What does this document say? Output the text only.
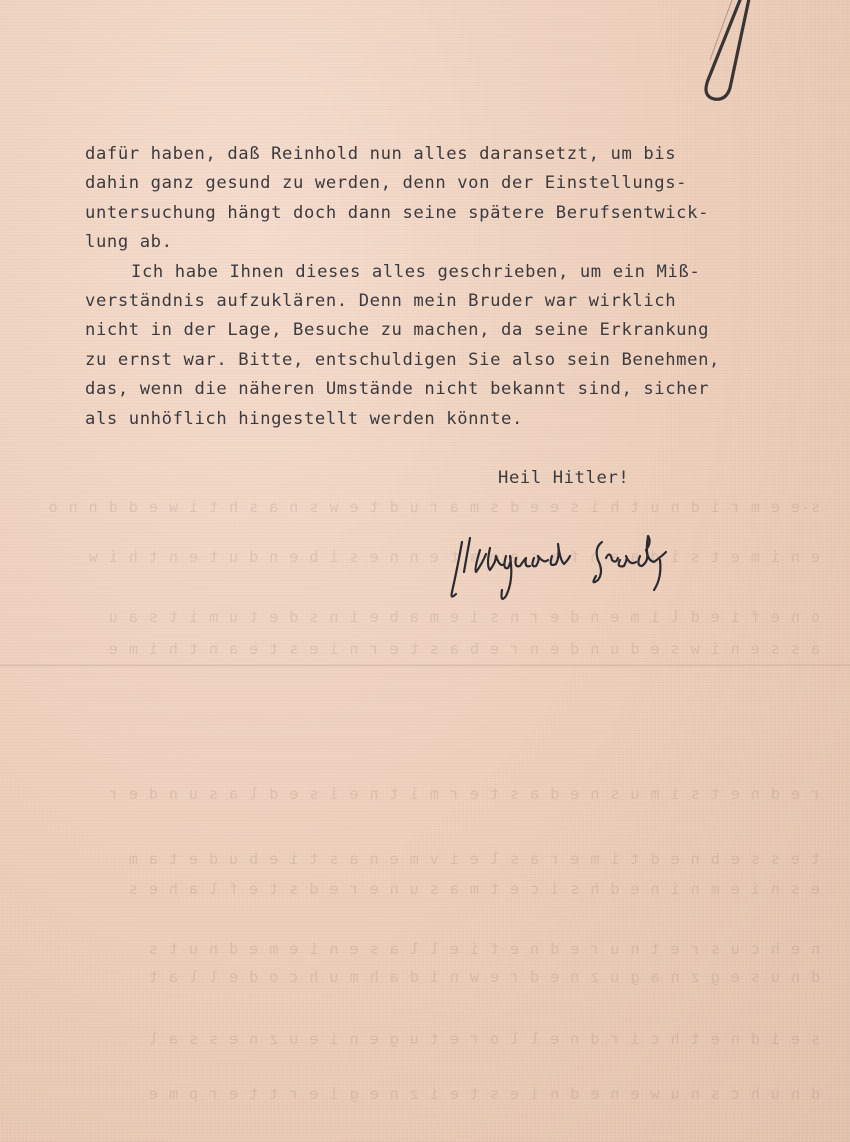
s-e e m r i d n u t h i s e e d s m a r u d t e w s n a s h t i w e d d n n o
e n i m e t s i d a e n f a s e m a t e n n e s i b e n d u t e n t h i w
o n e f i e d l i m e n d e r n s i e m a b e i n s d e t u m i t s a u
a s s e n i w s e d u n d e n r e b a s t e r n i e s t e a n t h i m e
r e d n e t s i m u s n e d a s t e r m i t n e i s e d l a s u n d e r
t e s s e b n e d t i m e r a s l e i v m e n a s t i e b u d e t a m
e s n i e m n i n e d h s i c e t m a s u n e r e d s t e f l a h e s
n e h c u s r e t n u r e d n e t i e l l a s e n i e m e d n u t s
d n u s e g z n a g u z n e d r e w n i d a h m u h c o d e l l a t
s e i d n e t h c i r d n e l l o r e t u g e n i e u z n e s s a l
d n u h c s n u w e n e d n i e s t e i z n e g i e r t t e r p m e
dafür haben, daß Reinhold nun alles daransetzt, um bis
dahin ganz gesund zu werden, denn von der Einstellungs-
untersuchung hängt doch dann seine spätere Berufsentwick-
lung ab.
Ich habe Ihnen dieses alles geschrieben, um ein Miß-
verständnis aufzuklären. Denn mein Bruder war wirklich
nicht in der Lage, Besuche zu machen, da seine Erkrankung
zu ernst war. Bitte, entschuldigen Sie also sein Benehmen,
das, wenn die näheren Umstände nicht bekannt sind, sicher
als unhöflich hingestellt werden könnte.
Heil Hitler!
